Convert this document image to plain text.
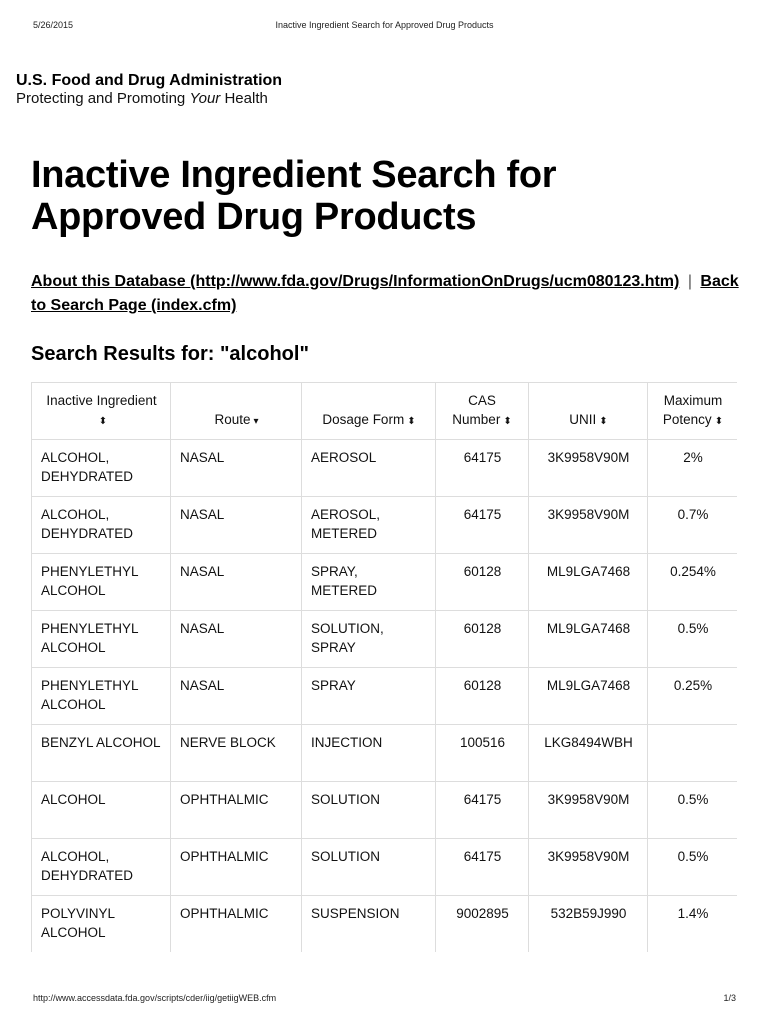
5/26/2015	Inactive Ingredient Search for Approved Drug Products
U.S. Food and Drug Administration
Protecting and Promoting Your Health
Inactive Ingredient Search for Approved Drug Products
About this Database (http://www.fda.gov/Drugs/InformationOnDrugs/ucm080123.htm) | Back to Search Page (index.cfm)
Search Results for: "alcohol"
Inactive Ingredient
⬍	Route ▾	Dosage Form ⬍	CAS Number ⬍	UNII ⬍	Maximum Potency ⬍
ALCOHOL, DEHYDRATED	NASAL	AEROSOL	64175	3K9958V90M	2%
ALCOHOL, DEHYDRATED	NASAL	AEROSOL, METERED	64175	3K9958V90M	0.7%
PHENYLETHYL ALCOHOL	NASAL	SPRAY, METERED	60128	ML9LGA7468	0.254%
PHENYLETHYL ALCOHOL	NASAL	SOLUTION, SPRAY	60128	ML9LGA7468	0.5%
PHENYLETHYL ALCOHOL	NASAL	SPRAY	60128	ML9LGA7468	0.25%
BENZYL ALCOHOL	NERVE BLOCK	INJECTION	100516	LKG8494WBH	
ALCOHOL	OPHTHALMIC	SOLUTION	64175	3K9958V90M	0.5%
ALCOHOL, DEHYDRATED	OPHTHALMIC	SOLUTION	64175	3K9958V90M	0.5%
POLYVINYL ALCOHOL	OPHTHALMIC	SUSPENSION	9002895	532B59J990	1.4%

http://www.accessdata.fda.gov/scripts/cder/iig/getiigWEB.cfm	1/3
